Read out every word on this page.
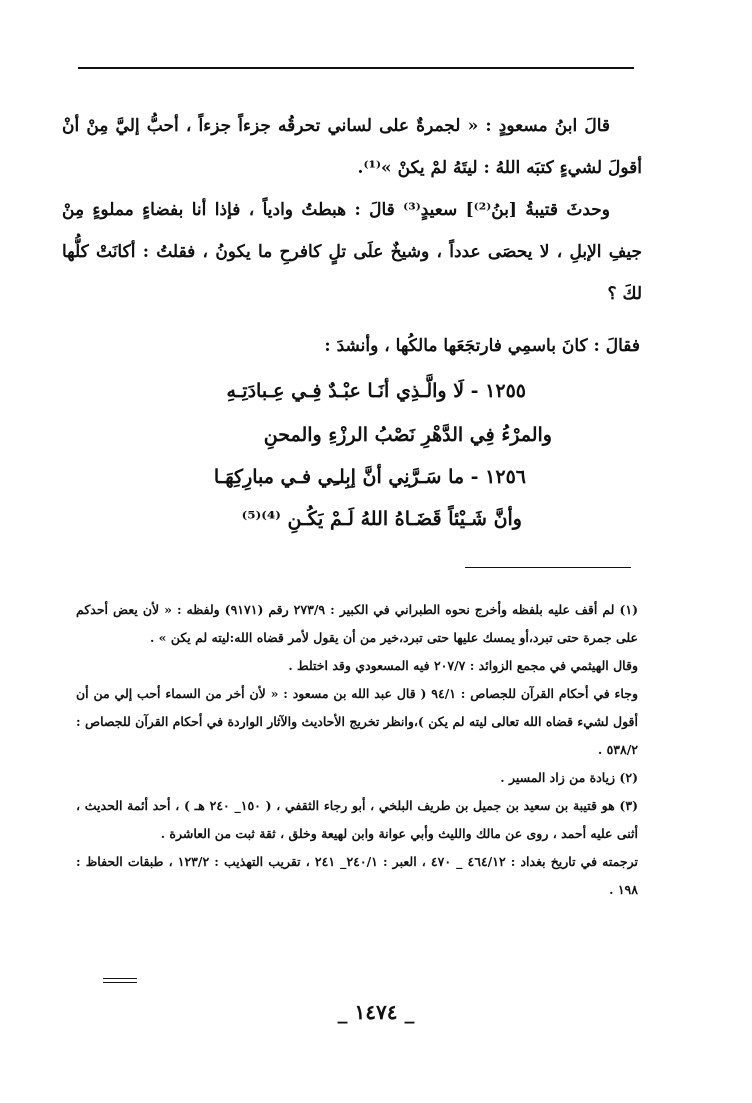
قالَ ابنُ مسعودٍ : « لجمرةٌ على لساني تحرقُه جزءاً جزءاً ، أحبُّ إليَّ مِنْ أنْ أقولَ لشيءٍ كتبَه اللهُ : ليتَهُ لمْ يكنْ »⁽¹⁾.

وحدثَ قتيبةُ [بنُ⁽²⁾] سعيدٍ⁽³⁾ قالَ : هبطتُ وادياً ، فإذا أنا بفضاءٍ مملوءٍ مِنْ جيفِ الإبلِ ، لا يحصَى عدداً ، وشيخٌ علَى تلٍ كافرحِ ما يكونُ ، فقلتُ : أكانَتْ كلُّها لكَ ؟

فقالَ : كانَ باسمِي فارتجَعَها مالكُها ، وأنشدَ :
١٢٥٥ - لَا والَّـذِي أنَـا عبْـدٌ فِـي عِـبادَتِـهِ
والمرْءُ فِي الدَّهْرِ نَصْبُ الرزْءِ والمحنِ
١٢٥٦ - ما سَـرَّنِي أنَّ إبِلـِي فـي مبارِكِهَـا
وأنَّ شَـيْئاً قَضَـاهُ اللهُ لَـمْ يَكُـنِ ⁽⁴⁾⁽⁵⁾

(١) لم أقف عليه بلفظه وأخرج نحوه الطبراني في الكبير : ٢٧٣/٩ رقم (٩١٧١) ولفظه : « لأن يعض أحدكم على جمرة حتى تبرد،أو يمسك عليها حتى تبرد،خير من أن يقول لأمر قضاه الله:ليته لم يكن » .

وقال الهيثمي في مجمع الزوائد : ٢٠٧/٧ فيه المسعودي وقد اختلط .

وجاء في أحكام القرآن للجصاص : ٩٤/١ ( قال عبد الله بن مسعود : « لأن أخر من السماء أحب إلي من أن أقول لشيء قضاه الله تعالى ليته لم يكن )،وانظر تخريج الأحاديث والآثار الواردة في أحكام القرآن للجصاص : ٥٣٨/٢ .

(٢) زيادة من زاد المسير .

(٣) هو قتيبة بن سعيد بن جميل بن طريف البلخي ، أبو رجاء الثقفي ، ( ١٥٠_ ٢٤٠ هـ ) ، أحد أئمة الحديث ، أثنى عليه أحمد ، روى عن مالك والليث وأبي عوانة وابن لهيعة وخلق ، ثقة ثبت من العاشرة .

ترجمته في تاريخ بغداد : ٤٦٤/١٢ _ ٤٧٠ ، العبر : ٢٤٠/١_ ٢٤١ ، تقريب التهذيب : ١٢٣/٢ ، طبقات الحفاظ : ١٩٨ .

_ ١٤٧٤ _
